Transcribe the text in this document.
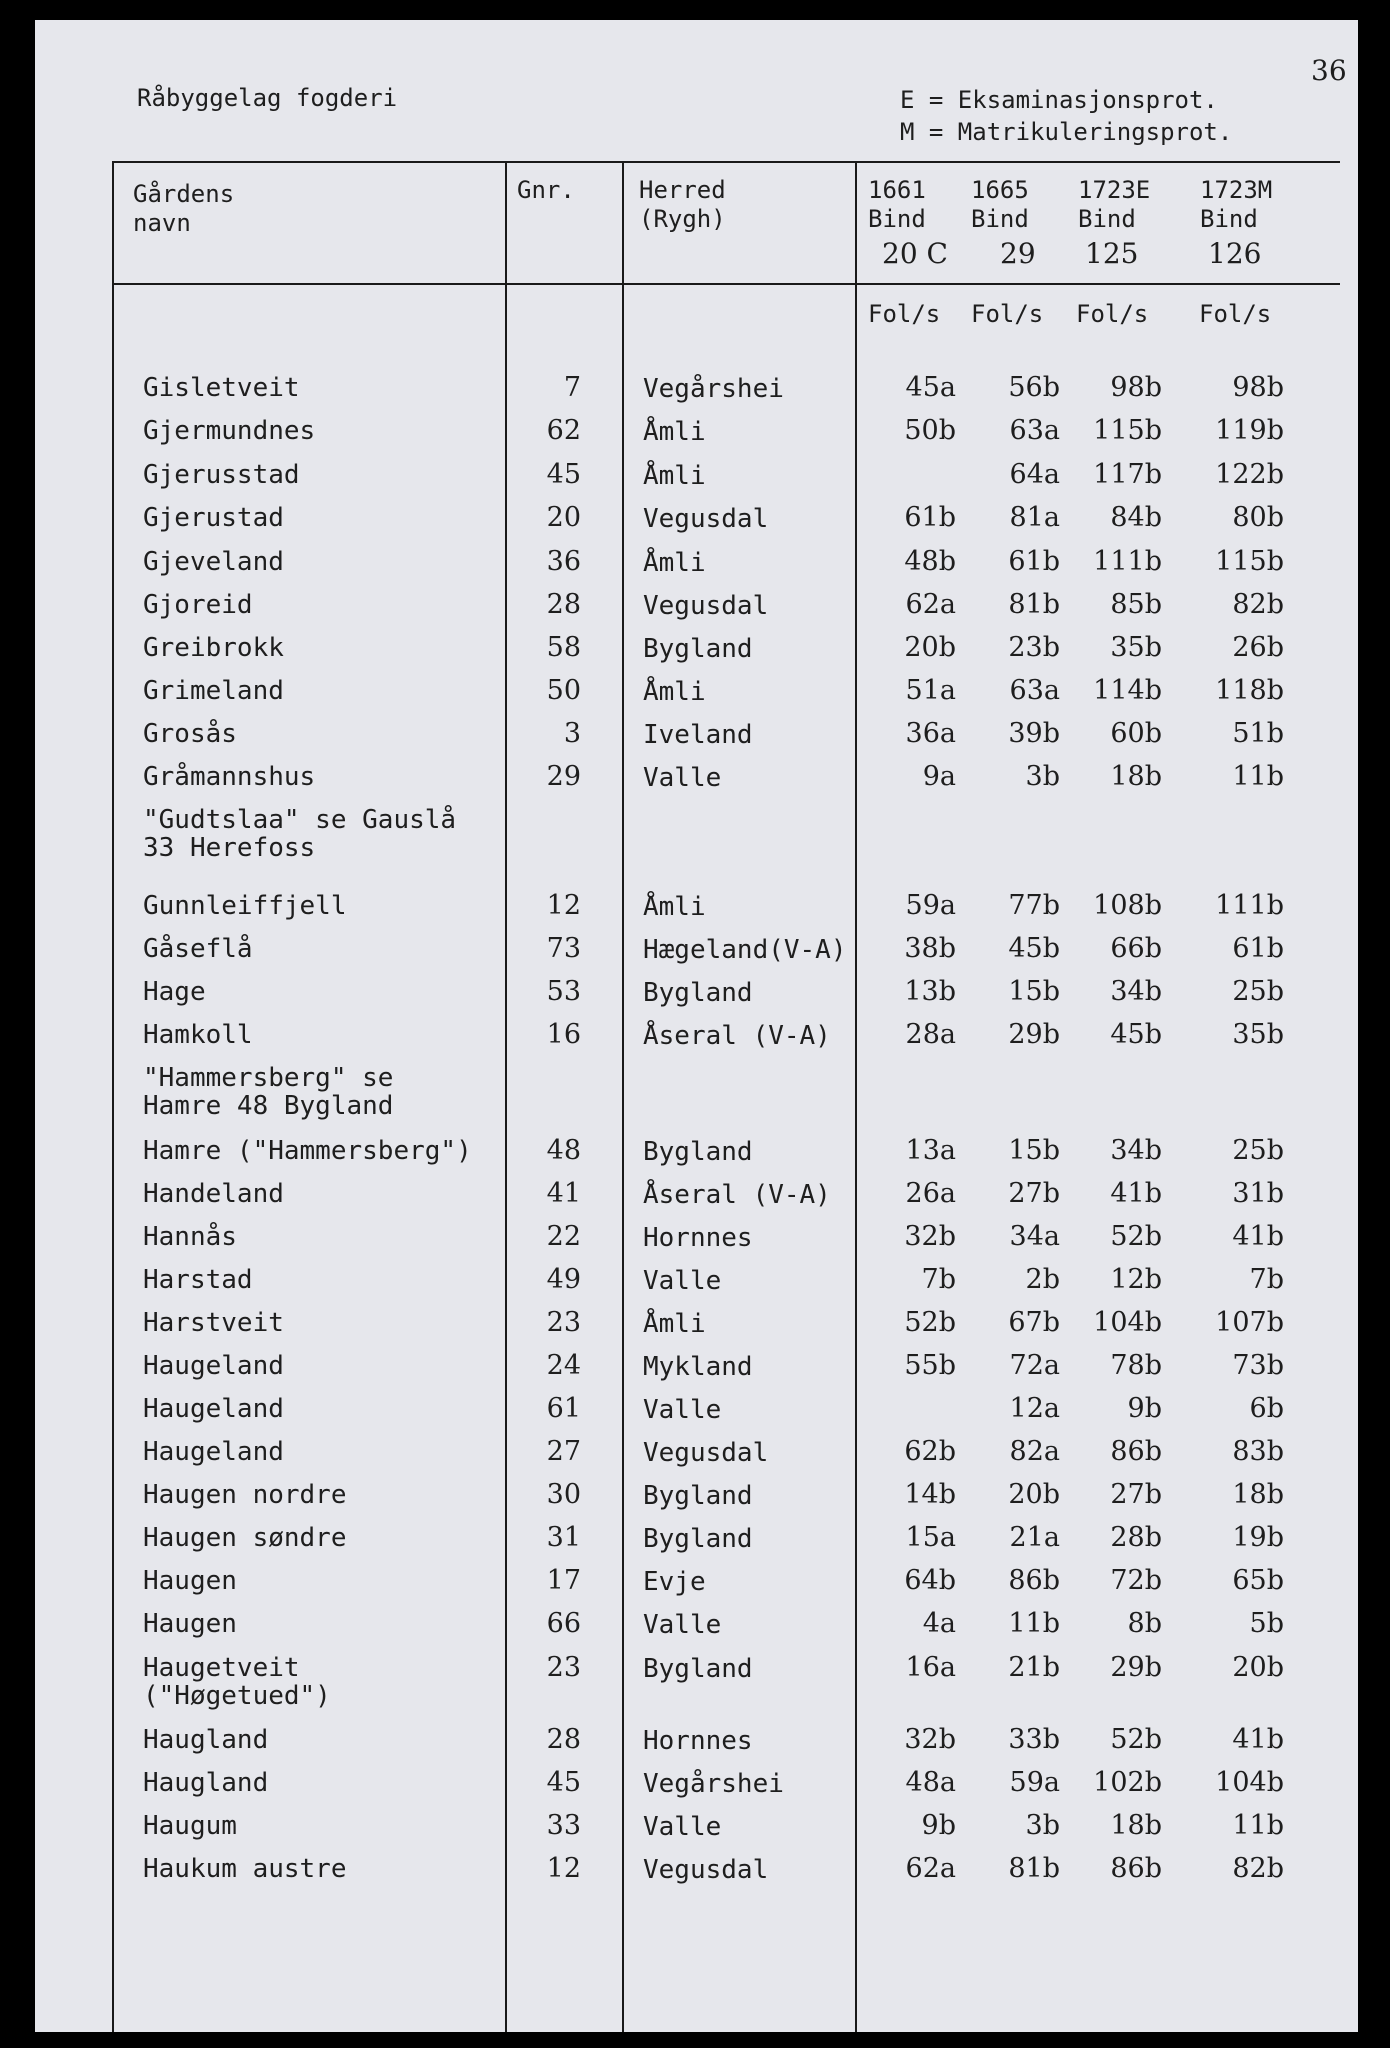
36
Råbyggelag fogderi	E = Eksaminasjonsprot.
M = Matrikuleringsprot.
Gårdens
navn
Gnr.	Herred
(Rygh)
1661
Bind
1665
Bind
1723E
Bind
1723M
Bind
20 C 29 125 126
Fol/s Fol/s Fol/s Fol/s
Gisletveit	7 Vegårshei	45a	56b	98b	98b
Gjermundnes	62 Åmli	50b	63a	115b	119b
Gjerusstad	45 Åmli	64a	117b	122b
Gjerustad	20 Vegusdal	61b	81a	84b	80b
Gjeveland	36 Åmli	48b	61b	111b	115b
Gjoreid	28 Vegusdal	62a	81b	85b	82b
Greibrokk	58 Bygland	20b	23b	35b	26b
Grimeland	50 Åmli	51a	63a	114b	118b
Grosås	3 Iveland	36a	39b	60b	51b
Gråmannshus	29 Valle	9a	3b	18b	11b
"Gudtslaa" se Gauslå
33 Herefoss
Gunnleiffjell	12 Åmli	59a	77b	108b	111b
Gåseflå	73 Hægeland(V-A)	38b	45b	66b	61b
Hage	53 Bygland	13b	15b	34b	25b
Hamkoll	16 Åseral (V-A)	28a	29b	45b	35b
"Hammersberg" se
Hamre 48 Bygland
Hamre ("Hammersberg")	48 Bygland	13a	15b	34b	25b
Handeland	41 Åseral (V-A)	26a	27b	41b	31b
Hannås	22 Hornnes	32b	34a	52b	41b
Harstad	49 Valle	7b	2b	12b	7b
Harstveit	23 Åmli	52b	67b	104b	107b
Haugeland	24 Mykland	55b	72a	78b	73b
Haugeland	61 Valle	12a	9b	6b
Haugeland	27 Vegusdal	62b	82a	86b	83b
Haugen nordre	30 Bygland	14b	20b	27b	18b
Haugen søndre	31 Bygland	15a	21a	28b	19b
Haugen	17 Evje	64b	86b	72b	65b
Haugen	66 Valle	4a	11b	8b	5b
Haugetveit
("Høgetued")
23 Bygland	16a	21b	29b	20b
Haugland	28 Hornnes	32b	33b	52b	41b
Haugland	45 Vegårshei	48a	59a	102b	104b
Haugum	33 Valle	9b	3b	18b	11b
Haukum austre	12 Vegusdal	62a	81b	86b	82b
